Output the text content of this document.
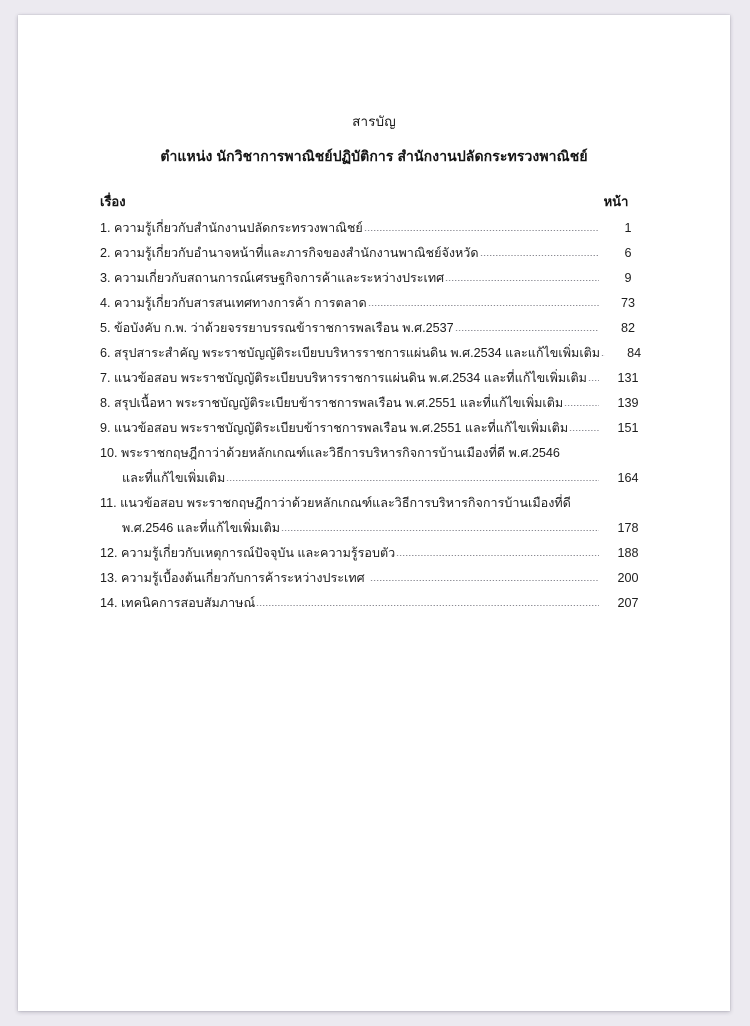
สารบัญ
ตำแหน่ง นักวิชาการพาณิชย์ปฏิบัติการ สำนักงานปลัดกระทรวงพาณิชย์
เรื่อง	หน้า
1. ความรู้เกี่ยวกับสำนักงานปลัดกระทรวงพาณิชย์	1
2. ความรู้เกี่ยวกับอำนาจหน้าที่และภารกิจของสำนักงานพาณิชย์จังหวัด	6
3. ความเกี่ยวกับสถานการณ์เศรษฐกิจการค้าและระหว่างประเทศ	9
4. ความรู้เกี่ยวกับสารสนเทศทางการค้า การตลาด	73
5. ข้อบังคับ ก.พ. ว่าด้วยจรรยาบรรณข้าราชการพลเรือน พ.ศ.2537	82
6. สรุปสาระสำคัญ พระราชบัญญัติระเบียบบริหารราชการแผ่นดิน พ.ศ.2534 และแก้ไขเพิ่มเติม	84
7. แนวข้อสอบ พระราชบัญญัติระเบียบบริหารราชการแผ่นดิน พ.ศ.2534 และที่แก้ไขเพิ่มเติม	131
8. สรุปเนื้อหา พระราชบัญญัติระเบียบข้าราชการพลเรือน พ.ศ.2551 และที่แก้ไขเพิ่มเติม	139
9. แนวข้อสอบ พระราชบัญญัติระเบียบข้าราชการพลเรือน พ.ศ.2551 และที่แก้ไขเพิ่มเติม	151
10. พระราชกฤษฎีกาว่าด้วยหลักเกณฑ์และวิธีการบริหารกิจการบ้านเมืองที่ดี พ.ศ.2546
และที่แก้ไขเพิ่มเติม	164
11. แนวข้อสอบ พระราชกฤษฎีกาว่าด้วยหลักเกณฑ์และวิธีการบริหารกิจการบ้านเมืองที่ดี
พ.ศ.2546 และที่แก้ไขเพิ่มเติม	178
12. ความรู้เกี่ยวกับเหตุการณ์ปัจจุบัน และความรู้รอบตัว	188
13. ความรู้เบื้องต้นเกี่ยวกับการค้าระหว่างประเทศ	200
14. เทคนิคการสอบสัมภาษณ์	207
